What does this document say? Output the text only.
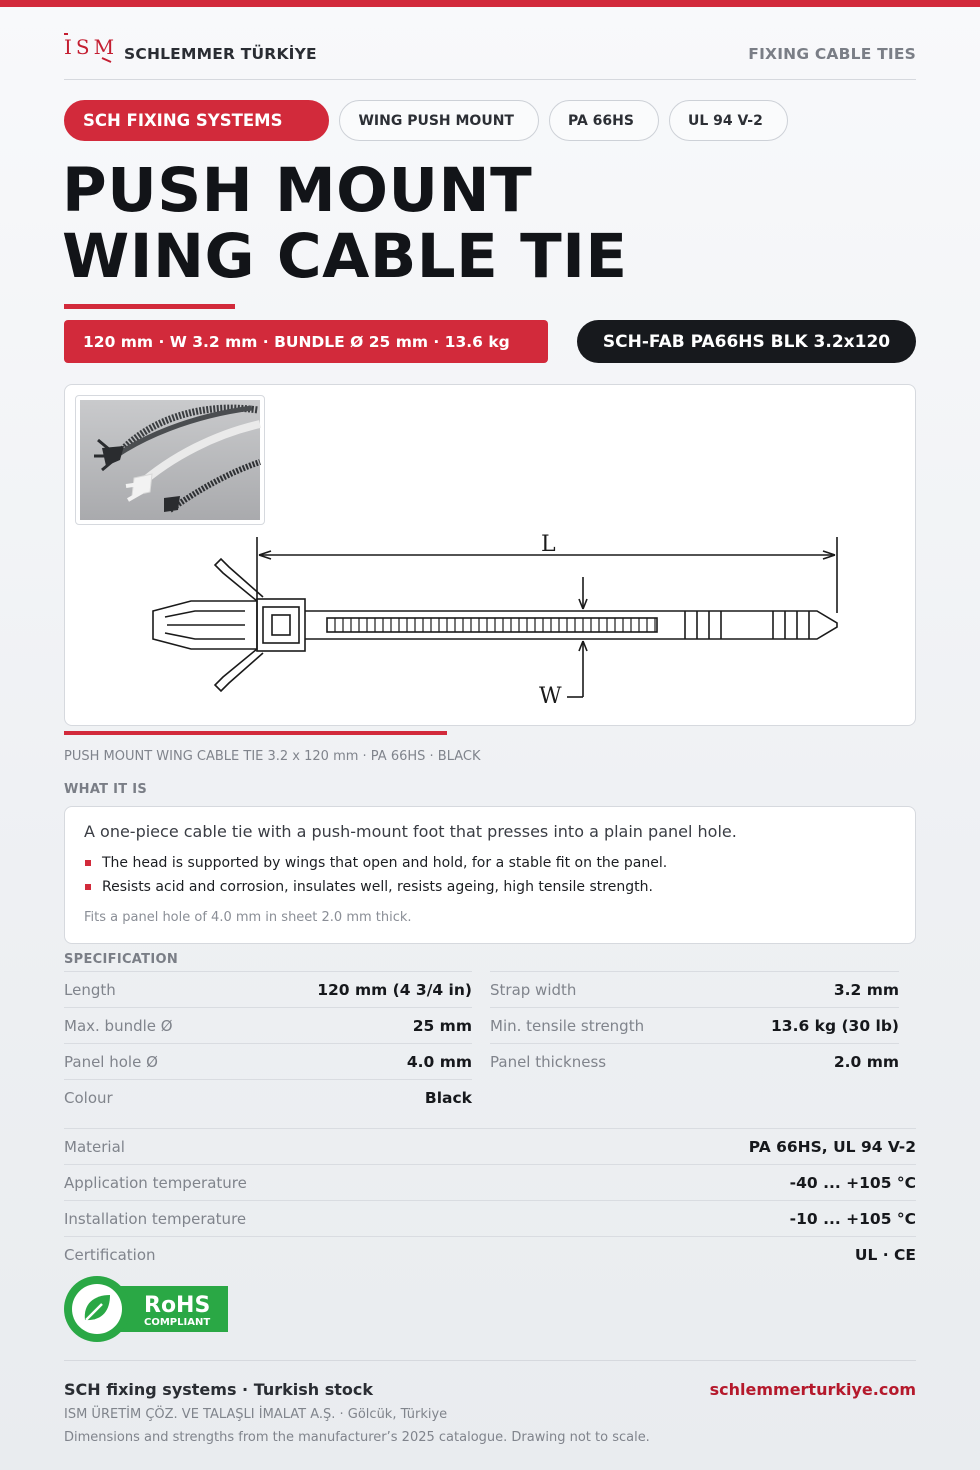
ISM SCHLEMMER TÜRKİYE	FIXING CABLE TIES
SCH FIXING SYSTEMS	WING PUSH MOUNT	PA 66HS	UL 94 V-2
PUSH MOUNT
WING CABLE TIE
120 mm · W 3.2 mm · BUNDLE Ø 25 mm · 13.6 kg	SCH-FAB PA66HS BLK 3.2x120
L
W
PUSH MOUNT WING CABLE TIE 3.2 x 120 mm · PA 66HS · BLACK
WHAT IT IS
A one-piece cable tie with a push-mount foot that presses into a plain panel hole.
The head is supported by wings that open and hold, for a stable fit on the panel.
Resists acid and corrosion, insulates well, resists ageing, high tensile strength.
Fits a panel hole of 4.0 mm in sheet 2.0 mm thick.
SPECIFICATION
Length	120 mm (4 3/4 in)
Max. bundle Ø	25 mm
Panel hole Ø	4.0 mm
Colour	Black
Strap width	3.2 mm
Min. tensile strength	13.6 kg (30 lb)
Panel thickness	2.0 mm
Material	PA 66HS, UL 94 V-2
Application temperature	-40 ... +105 °C
Installation temperature	-10 ... +105 °C
Certification	UL · CE
RoHS
COMPLIANT
SCH fixing systems · Turkish stock	schlemmerturkiye.com
ISM ÜRETİM ÇÖZ. VE TALAŞLI İMALAT A.Ş. · Gölcük, Türkiye
Dimensions and strengths from the manufacturer’s 2025 catalogue. Drawing not to scale.
